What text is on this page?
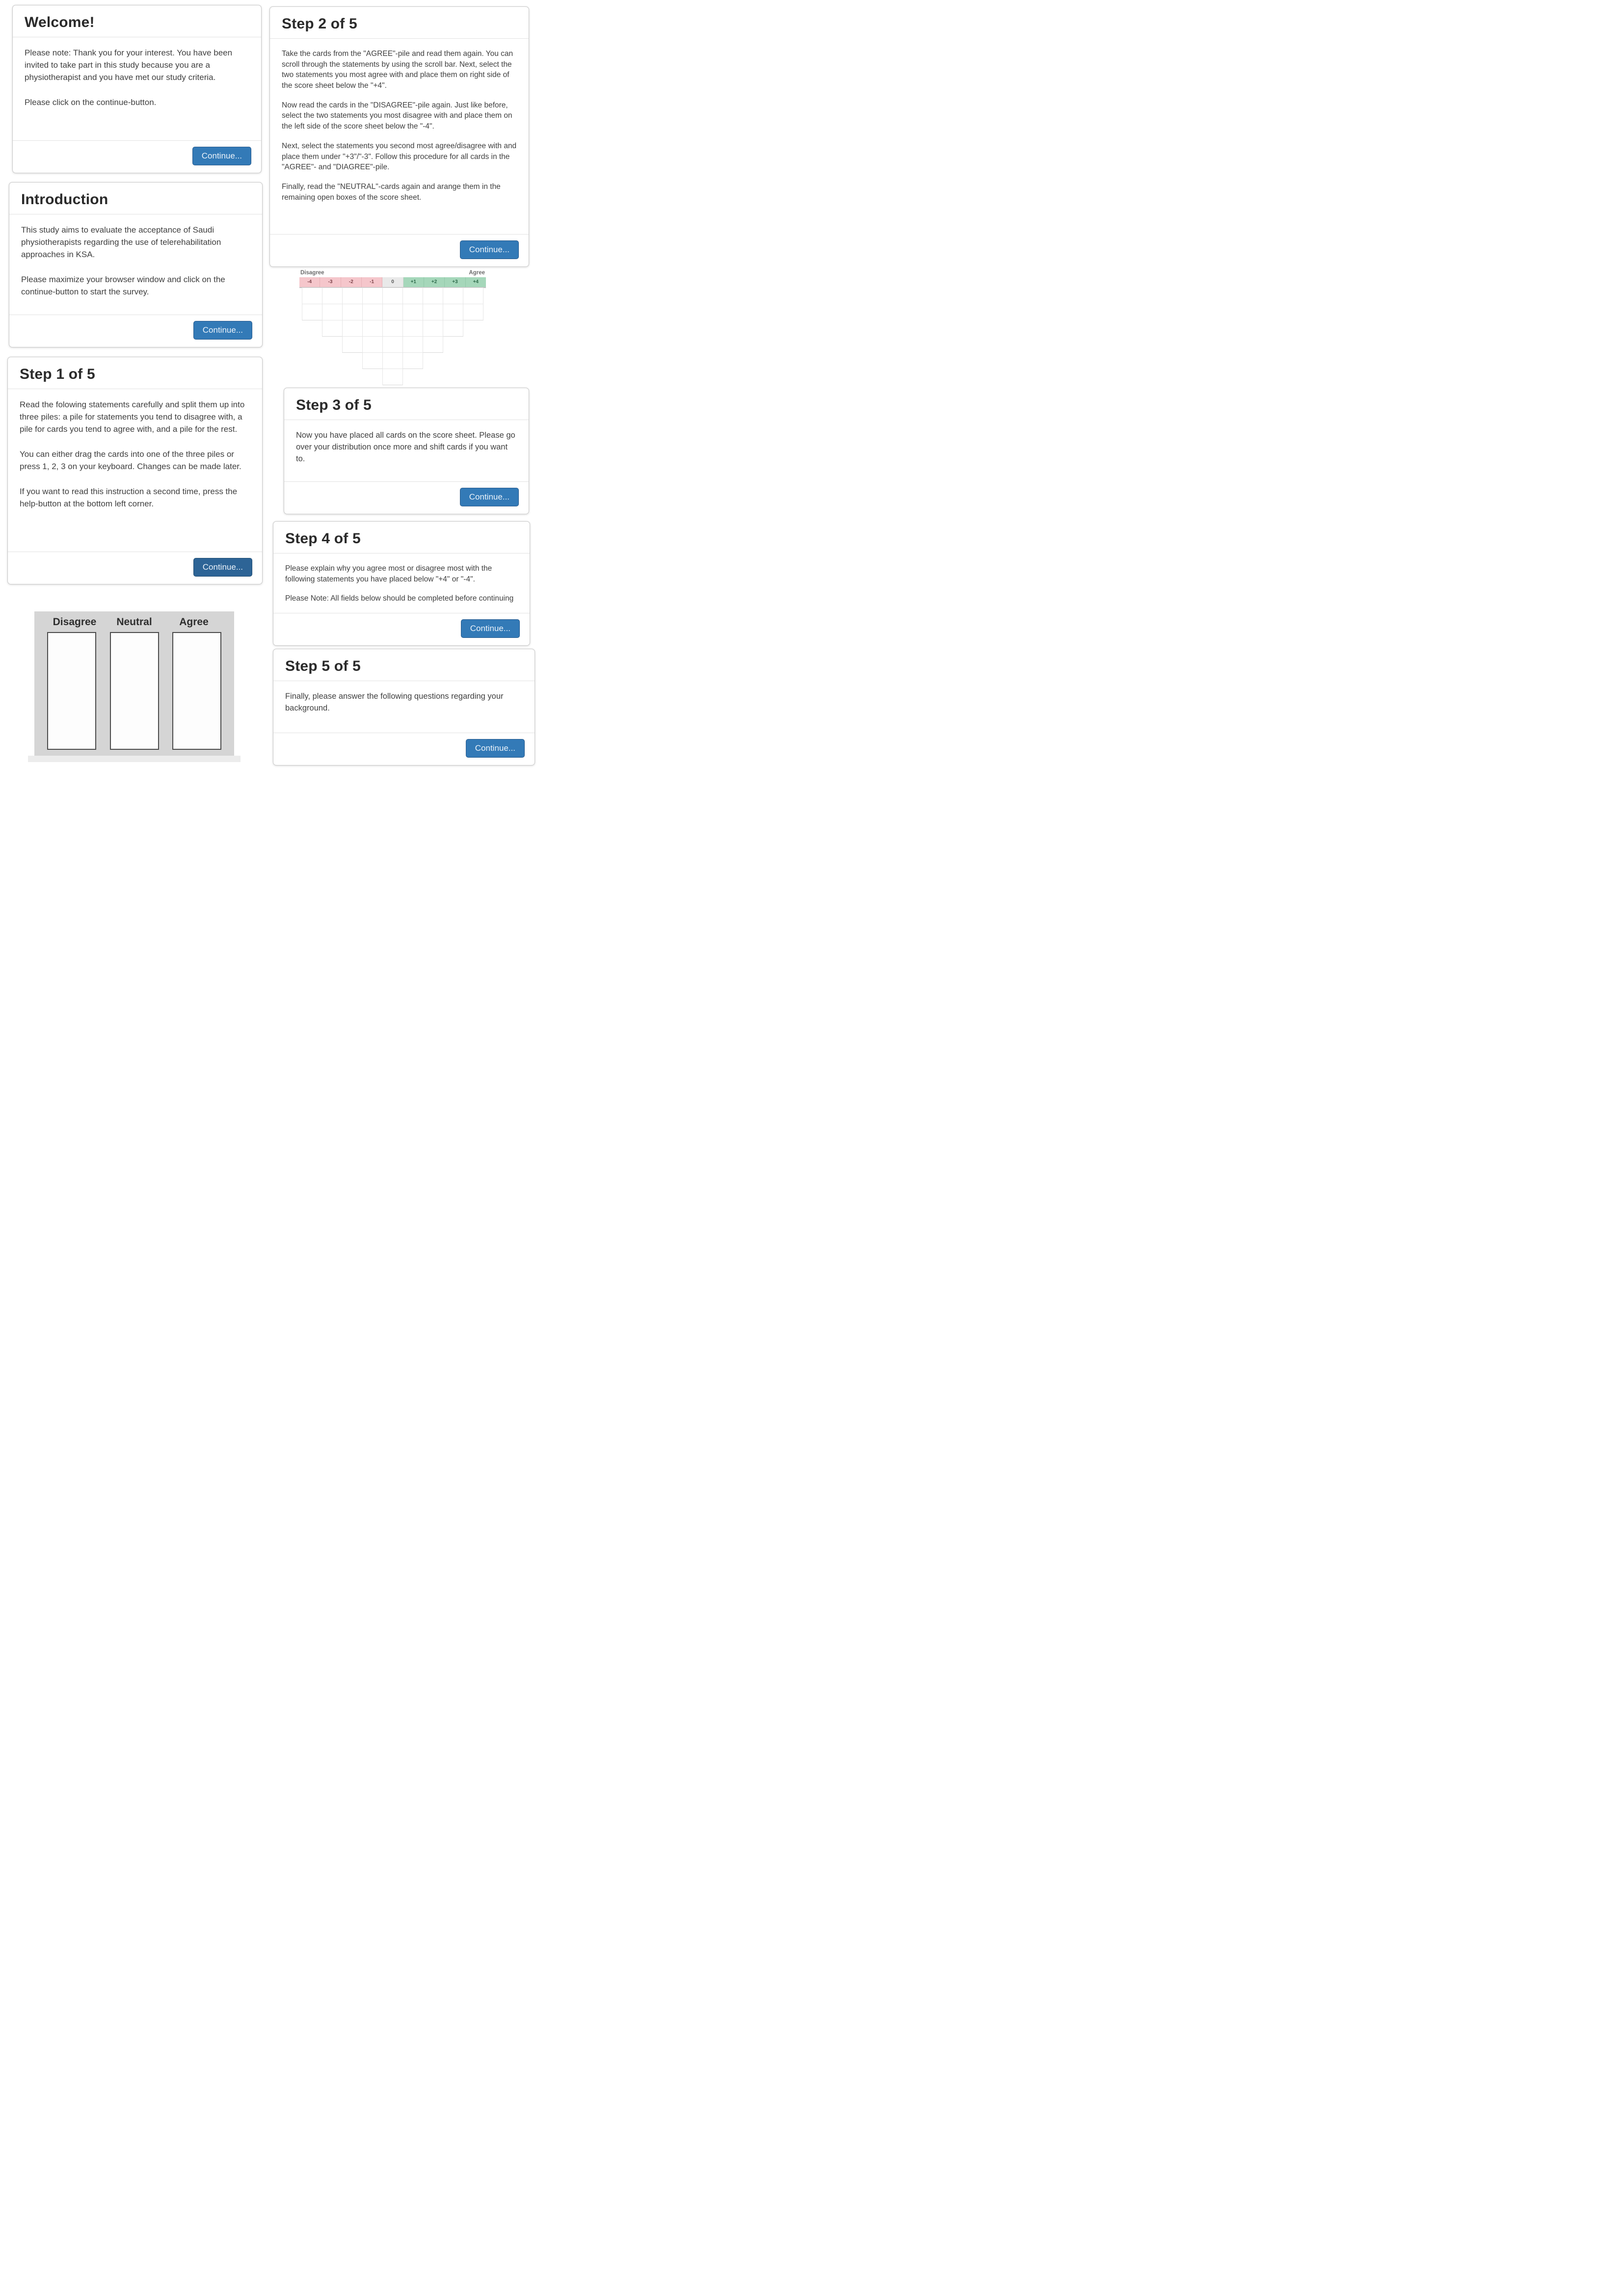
Welcome!

Please note: Thank you for your interest. You have been invited to take part in this study because you are a physiotherapist and you have met our study criteria.

Please click on the continue-button.

Continue...
Introduction

This study aims to evaluate the acceptance of Saudi physiotherapists regarding the use of telerehabilitation approaches in KSA.

Please maximize your browser window and click on the continue-button to start the survey.

Continue...
Step 1 of 5

Read the folowing statements carefully and split them up into three piles: a pile for statements you tend to disagree with, a pile for cards you tend to agree with, and a pile for the rest.

You can either drag the cards into one of the three piles or press 1, 2, 3 on your keyboard. Changes can be made later.

If you want to read this instruction a second time, press the help-button at the bottom left corner.

Continue...
Disagree	Neutral	Agree
Step 2 of 5

Take the cards from the "AGREE"-pile and read them again. You can scroll through the statements by using the scroll bar. Next, select the two statements you most agree with and place them on right side of the score sheet below the "+4".

Now read the cards in the "DISAGREE"-pile again. Just like before, select the two statements you most disagree with and place them on the left side of the score sheet below the "-4".

Next, select the statements you second most agree/disagree with and place them under "+3"/"-3". Follow this procedure for all cards in the "AGREE"- and "DIAGREE"-pile.

Finally, read the "NEUTRAL"-cards again and arange them in the remaining open boxes of the score sheet.

Continue...
Disagree	Agree
-4	-3	-2	-1	0	+1	+2	+3	+4
Step 3 of 5

Now you have placed all cards on the score sheet. Please go over your distribution once more and shift cards if you want to.

Continue...
Step 4 of 5

Please explain why you agree most or disagree most with the following statements you have placed below "+4" or "-4".

Please Note: All fields below should be completed before continuing

Continue...
Step 5 of 5

Finally, please answer the following questions regarding your background.

Continue...
